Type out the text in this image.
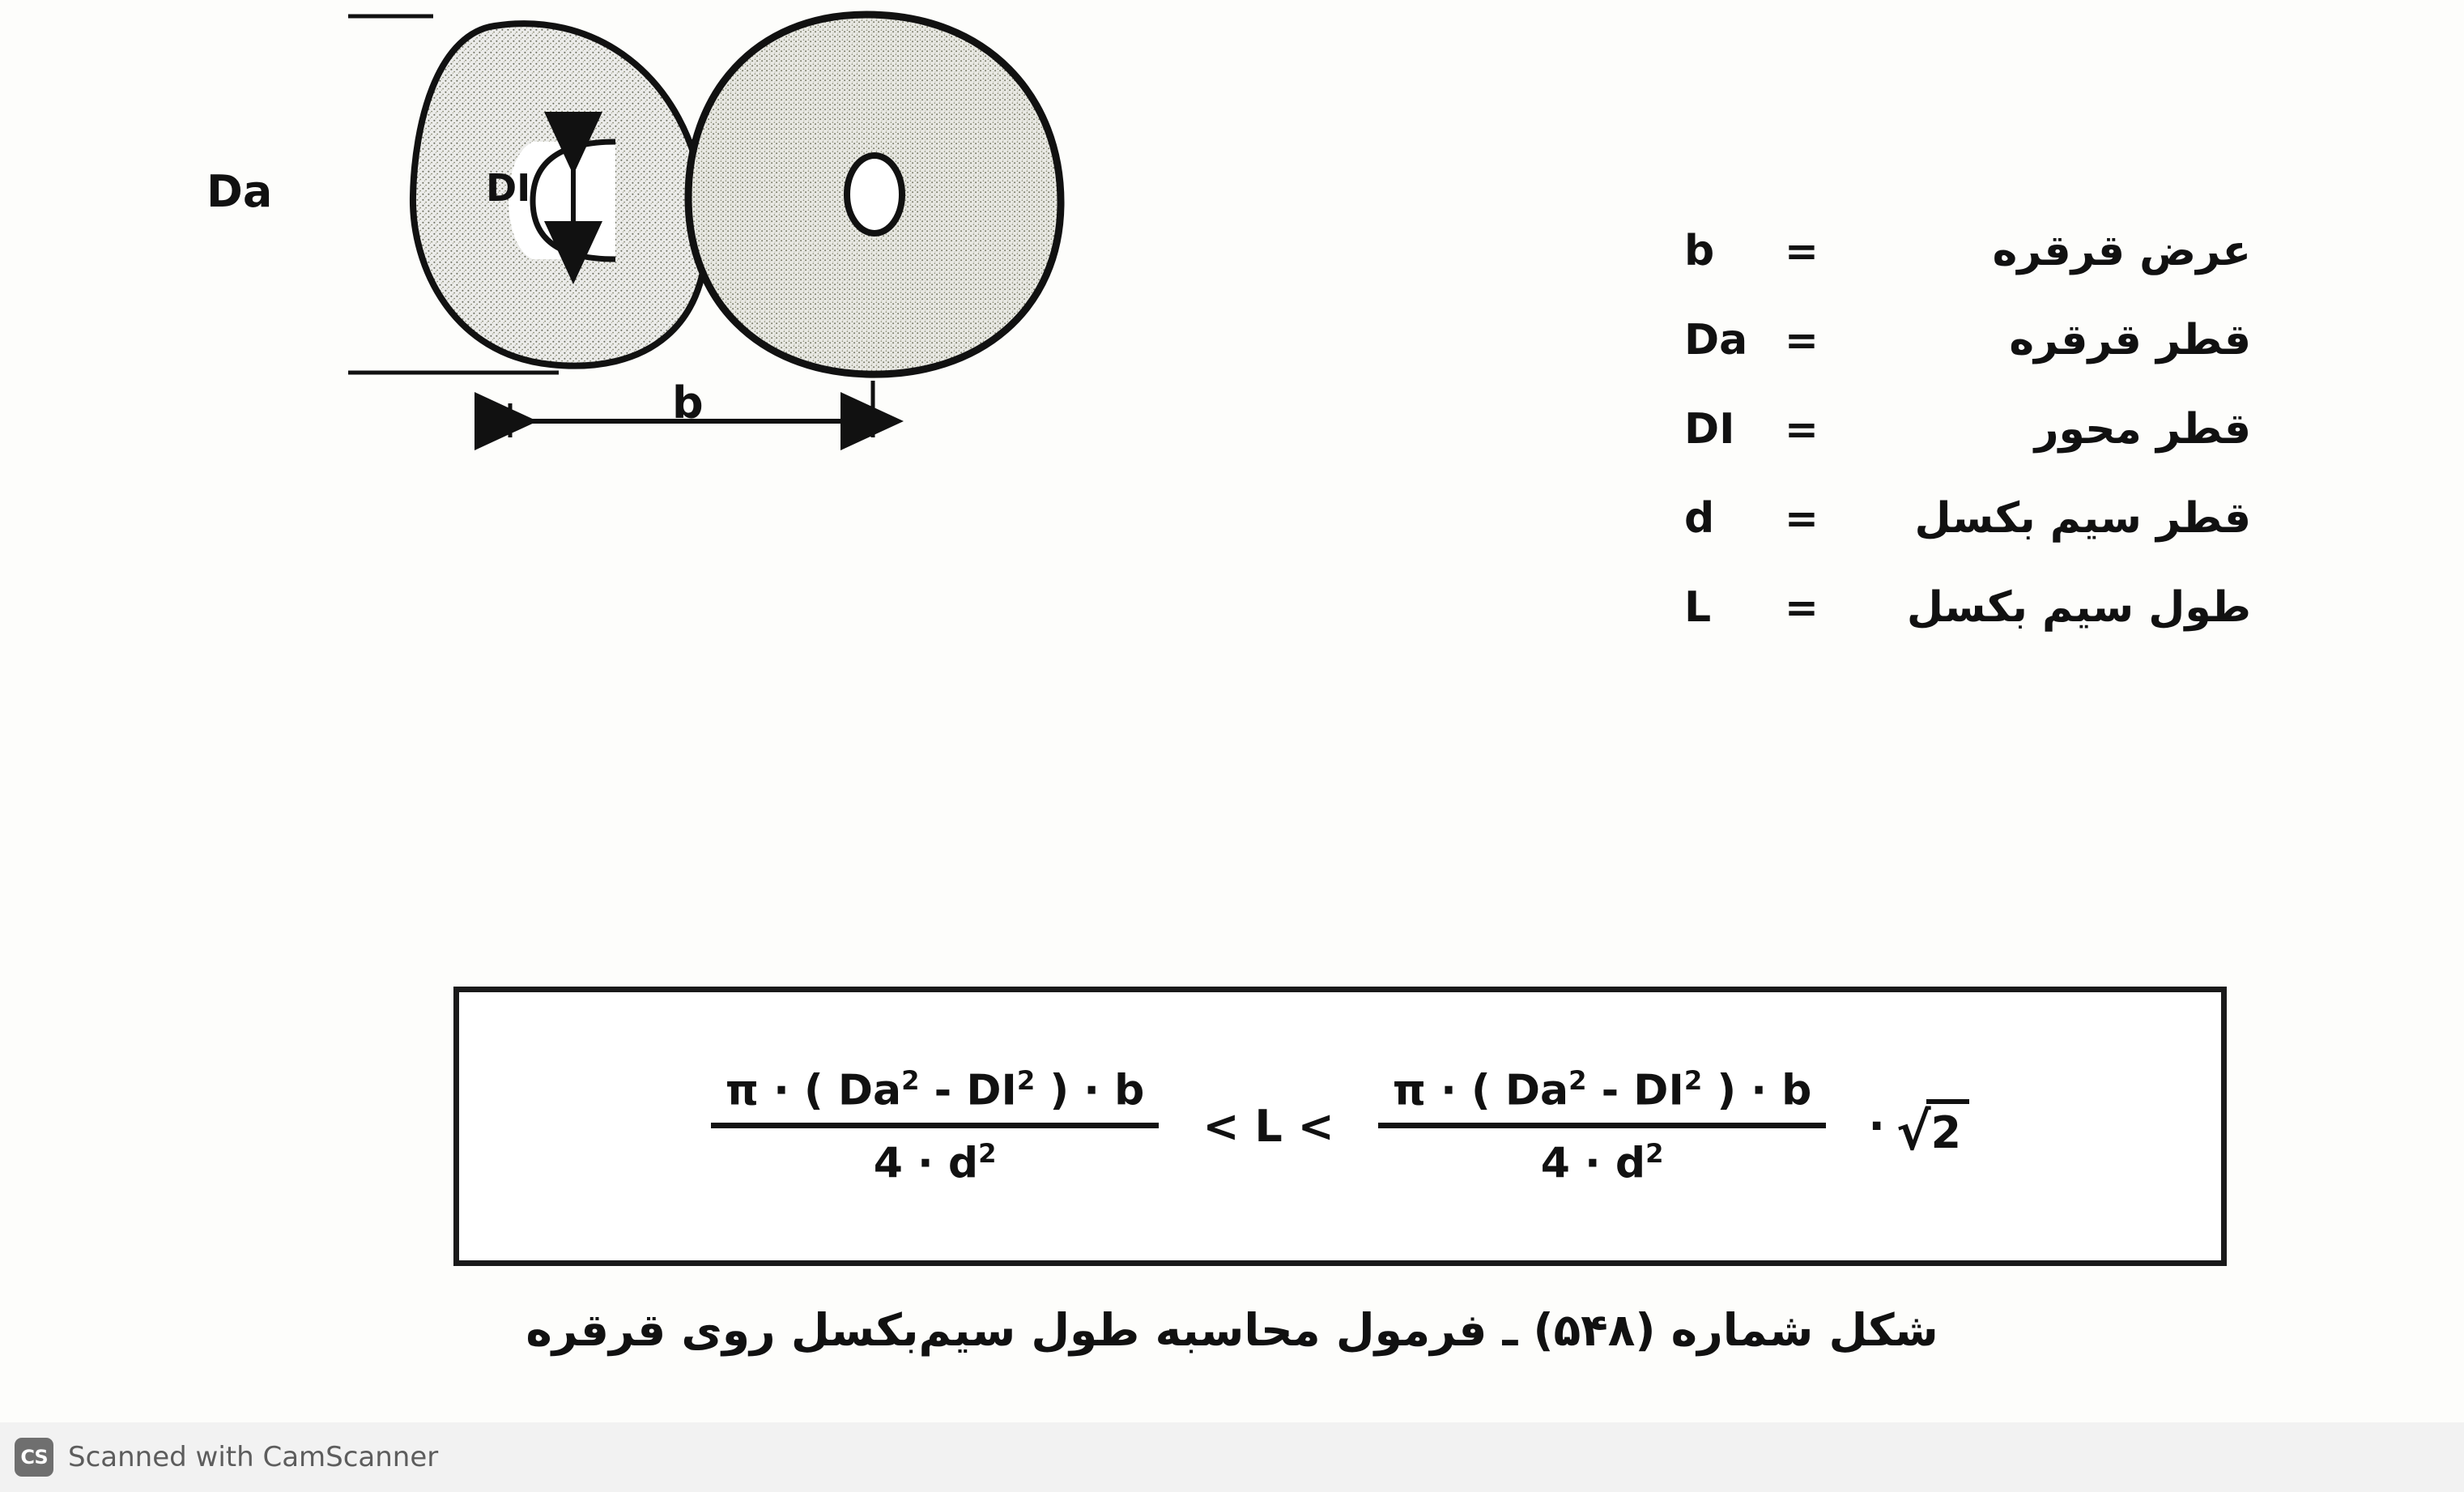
Da	DI
b
عرض قرقره
=
b
قطر قرقره
=
Da
قطر محور
=
DI
قطر سیم بکسل
=
d
طول سیم بکسل
=
L
π · ( $Da^2 - DI^2$ ) · b
$4 \cdot d^2$
< L <
π · ( $Da^2 - DI^2$ ) · b
$4 \cdot d^2$
· √ 2
شکل شماره (۵۴۸) ـ فرمول محاسبه طول سیم‌بکسل روی قرقره
CS Scanned with CamScanner
